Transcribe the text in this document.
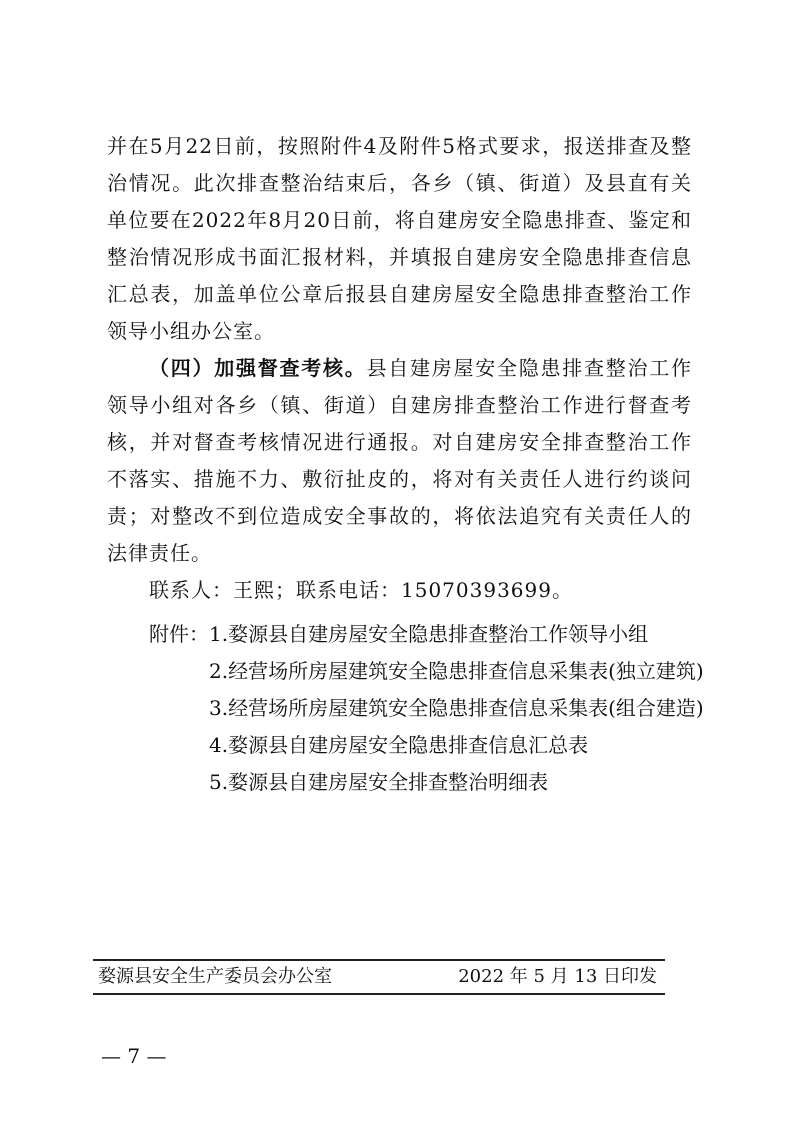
并在5月22日前，按照附件4及附件5格式要求，报送排查及整治情况。此次排查整治结束后，各乡（镇、街道）及县直有关单位要在2022年8月20日前，将自建房安全隐患排查、鉴定和整治情况形成书面汇报材料，并填报自建房安全隐患排查信息汇总表，加盖单位公章后报县自建房屋安全隐患排查整治工作领导小组办公室。

（四）加强督查考核。县自建房屋安全隐患排查整治工作领导小组对各乡（镇、街道）自建房排查整治工作进行督查考核，并对督查考核情况进行通报。对自建房安全排查整治工作不落实、措施不力、敷衍扯皮的，将对有关责任人进行约谈问责；对整改不到位造成安全事故的，将依法追究有关责任人的法律责任。

联系人：王熙；联系电话：15070393699。

附件： 1.婺源县自建房屋安全隐患排查整治工作领导小组
2.经营场所房屋建筑安全隐患排查信息采集表(独立建筑)
3.经营场所房屋建筑安全隐患排查信息采集表(组合建造)
4.婺源县自建房屋安全隐患排查信息汇总表
5.婺源县自建房屋安全排查整治明细表
婺源县安全生产委员会办公室	2022 年 5 月 13 日印发
— 7 —
